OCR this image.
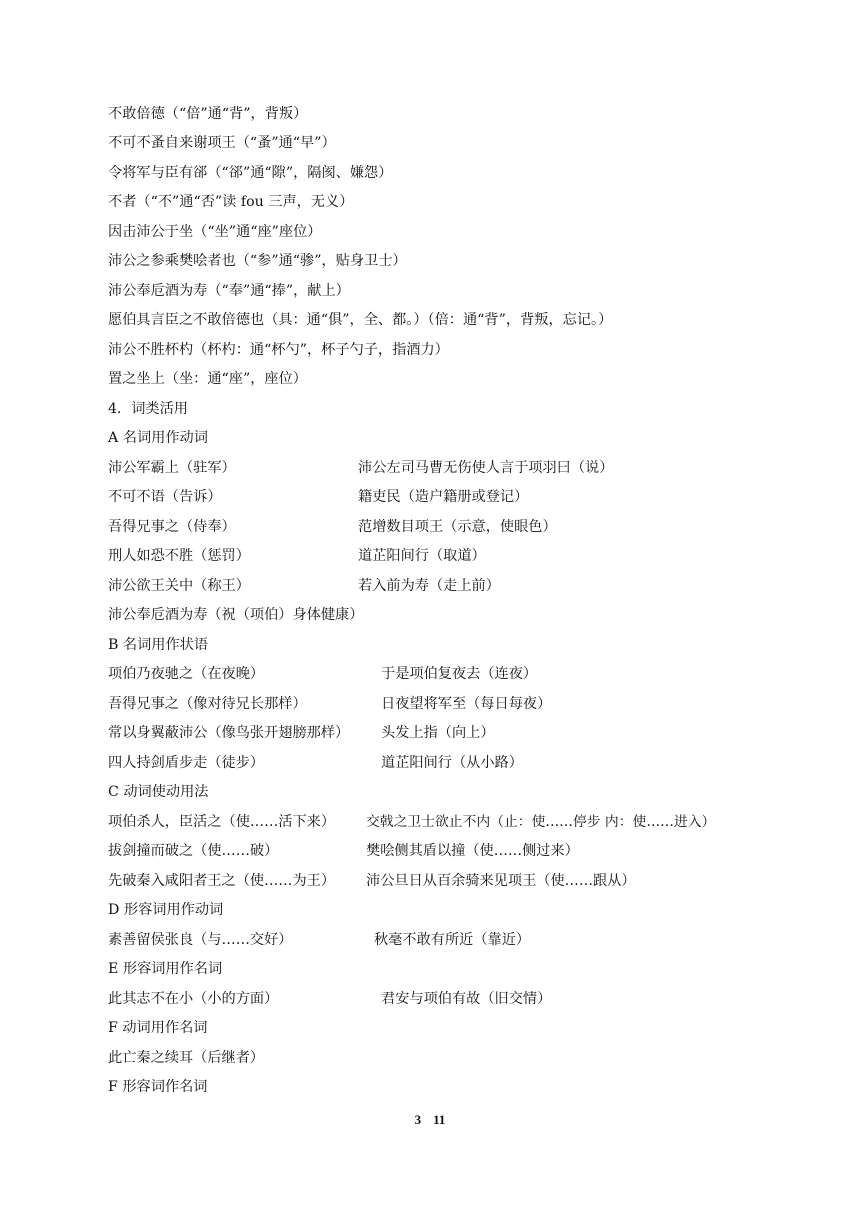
不敢倍德（“倍”通“背”，背叛）
不可不蚤自来谢项王（“蚤”通“早”）
令将军与臣有郤（“郤”通“隙”，隔阂、嫌怨）
不者（“不”通“否”读 fou 三声，无义）
因击沛公于坐（“坐”通“座”座位）
沛公之参乘樊哙者也（“参”通“骖”，贴身卫士）
沛公奉卮酒为寿（“奉”通“捧”，献上）
愿伯具言臣之不敢倍德也（具：通“俱”，全、都。）（倍：通“背”，背叛，忘记。）
沛公不胜杯杓（杯杓：通“杯勺”，杯子勺子，指酒力）
置之坐上（坐：通“座”，座位）
4．词类活用
A 名词用作动词
沛公军霸上（驻军）	沛公左司马曹无伤使人言于项羽曰（说）
不可不语（告诉）	籍吏民（造户籍册或登记）
吾得兄事之（侍奉）	范增数目项王（示意，使眼色）
刑人如恐不胜（惩罚）	道芷阳间行（取道）
沛公欲王关中（称王）	若入前为寿（走上前）
沛公奉卮酒为寿（祝（项伯）身体健康）
B 名词用作状语
项伯乃夜驰之（在夜晚）	于是项伯复夜去（连夜）
吾得兄事之（像对待兄长那样）	日夜望将军至（每日每夜）
常以身翼蔽沛公（像鸟张开翅膀那样） 头发上指（向上）
四人持剑盾步走（徒步）	道芷阳间行（从小路）
C 动词使动用法
项伯杀人，臣活之（使……活下来） 交戟之卫士欲止不内（止：使……停步 内：使……进入）
拔剑撞而破之（使……破）	樊哙侧其盾以撞（使……侧过来）
先破秦入咸阳者王之（使……为王） 沛公旦日从百余骑来见项王（使……跟从）
D 形容词用作动词
素善留侯张良（与……交好）	秋毫不敢有所近（靠近）
E 形容词用作名词
此其志不在小（小的方面）	君安与项伯有故（旧交情）
F 动词用作名词
此亡秦之续耳（后继者）
F 形容词作名词
3 11
